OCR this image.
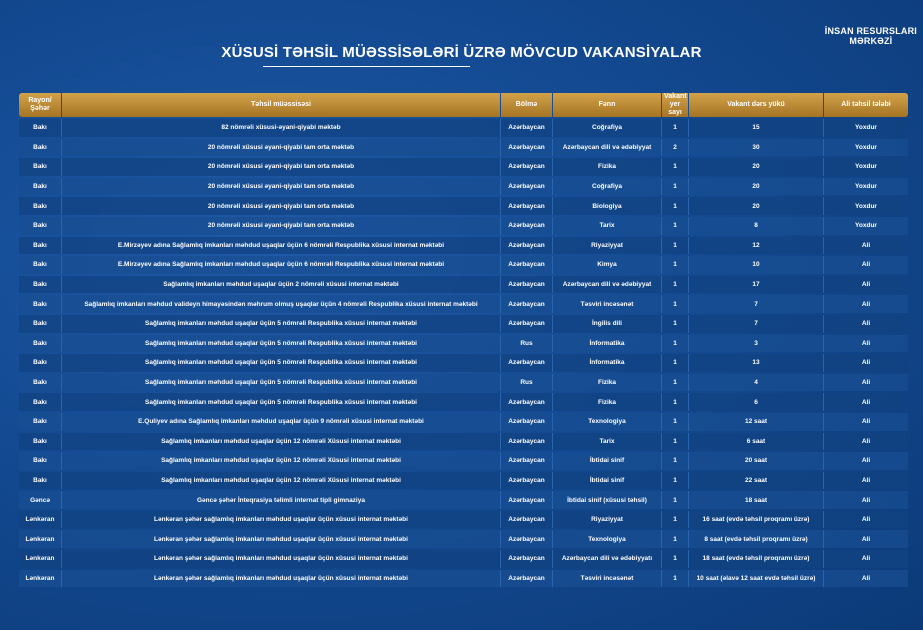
İNSAN RESURSLARI
MƏRKƏZİ
XÜSUSİ TƏHSİL MÜƏSSİSƏLƏRİ ÜZRƏ MÖVCUD VAKANSİYALAR
Rayon/Şəhər	Təhsil müəssisəsi	Bölmə	Fənn	Vakant yer sayı	Vakant dərs yükü	Ali təhsil tələbi
Bakı	82 nömrəli xüsusi-əyani-qiyabi məktəb	Azərbaycan	Coğrafiya	1	15	Yoxdur
Bakı	20 nömrəli xüsusi əyani-qiyabi tam orta məktəb	Azərbaycan	Azərbaycan dili və ədəbiyyat	2	30	Yoxdur
Bakı	20 nömrəli xüsusi əyani-qiyabi tam orta məktəb	Azərbaycan	Fizika	1	20	Yoxdur
Bakı	20 nömrəli xüsusi əyani-qiyabi tam orta məktəb	Azərbaycan	Coğrafiya	1	20	Yoxdur
Bakı	20 nömrəli xüsusi əyani-qiyabi tam orta məktəb	Azərbaycan	Biologiya	1	20	Yoxdur
Bakı	20 nömrəli xüsusi əyani-qiyabi tam orta məktəb	Azərbaycan	Tarix	1	8	Yoxdur
Bakı	E.Mirzəyev adına Sağlamlıq imkanları məhdud uşaqlar üçün 6 nömrəli Respublika xüsusi internat məktəbi	Azərbaycan	Riyaziyyat	1	12	Ali
Bakı	E.Mirzəyev adına Sağlamlıq imkanları məhdud uşaqlar üçün 6 nömrəli Respublika xüsusi internat məktəbi	Azərbaycan	Kimya	1	10	Ali
Bakı	Sağlamlıq imkanları məhdud uşaqlar üçün 2 nömrəli xüsusi internat məktəbi	Azərbaycan	Azərbaycan dili və ədəbiyyat	1	17	Ali
Bakı	Sağlamlıq imkanları məhdud valideyn himayəsindən məhrum olmuş uşaqlar üçün 4 nömrəli Respublika xüsusi internat məktəbi	Azərbaycan	Təsviri incəsənət	1	7	Ali
Bakı	Sağlamlıq imkanları məhdud uşaqlar üçün 5 nömrəli Respublika xüsusi internat məktəbi	Azərbaycan	İngilis dili	1	7	Ali
Bakı	Sağlamlıq imkanları məhdud uşaqlar üçün 5 nömrəli Respublika xüsusi internat məktəbi	Rus	İnformatika	1	3	Ali
Bakı	Sağlamlıq imkanları məhdud uşaqlar üçün 5 nömrəli Respublika xüsusi internat məktəbi	Azərbaycan	İnformatika	1	13	Ali
Bakı	Sağlamlıq imkanları məhdud uşaqlar üçün 5 nömrəli Respublika xüsusi internat məktəbi	Rus	Fizika	1	4	Ali
Bakı	Sağlamlıq imkanları məhdud uşaqlar üçün 5 nömrəli Respublika xüsusi internat məktəbi	Azərbaycan	Fizika	1	6	Ali
Bakı	E.Quliyev adına Sağlamlıq imkanları məhdud uşaqlar üçün 9 nömrəli xüsusi internat məktəbi	Azərbaycan	Texnologiya	1	12 saat	Ali
Bakı	Sağlamlıq imkanları məhdud uşaqlar üçün 12 nömrəli Xüsusi internat məktəbi	Azərbaycan	Tarix	1	6 saat	Ali
Bakı	Sağlamlıq imkanları məhdud uşaqlar üçün 12 nömrəli Xüsusi internat məktəbi	Azərbaycan	İbtidai sinif	1	20 saat	Ali
Bakı	Sağlamlıq imkanları məhdud uşaqlar üçün 12 nömrəli Xüsusi internat məktəbi	Azərbaycan	İbtidai sinif	1	22 saat	Ali
Gəncə	Gəncə şəhər İnteqrasiya təlimli internat tipli gimnaziya	Azərbaycan	İbtidai sinif (xüsusi təhsil)	1	18 saat	Ali
Lənkəran	Lənkəran şəhər sağlamlıq imkanları məhdud uşaqlar üçün xüsusi internat məktəbi	Azərbaycan	Riyaziyyat	1	16 saat (evdə təhsil proqramı üzrə)	Ali
Lənkəran	Lənkəran şəhər sağlamlıq imkanları məhdud uşaqlar üçün xüsusi internat məktəbi	Azərbaycan	Texnologiya	1	8 saat (evdə təhsil proqramı üzrə)	Ali
Lənkəran	Lənkəran şəhər sağlamlıq imkanları məhdud uşaqlar üçün xüsusi internat məktəbi	Azərbaycan	Azərbaycan dili və ədəbiyyatı	1	18 saat (evdə təhsil proqramı üzrə)	Ali
Lənkəran	Lənkəran şəhər sağlamlıq imkanları məhdud uşaqlar üçün xüsusi internat məktəbi	Azərbaycan	Təsviri incəsənət	1	10 saat (əlavə 12 saat evdə təhsil üzrə)	Ali
